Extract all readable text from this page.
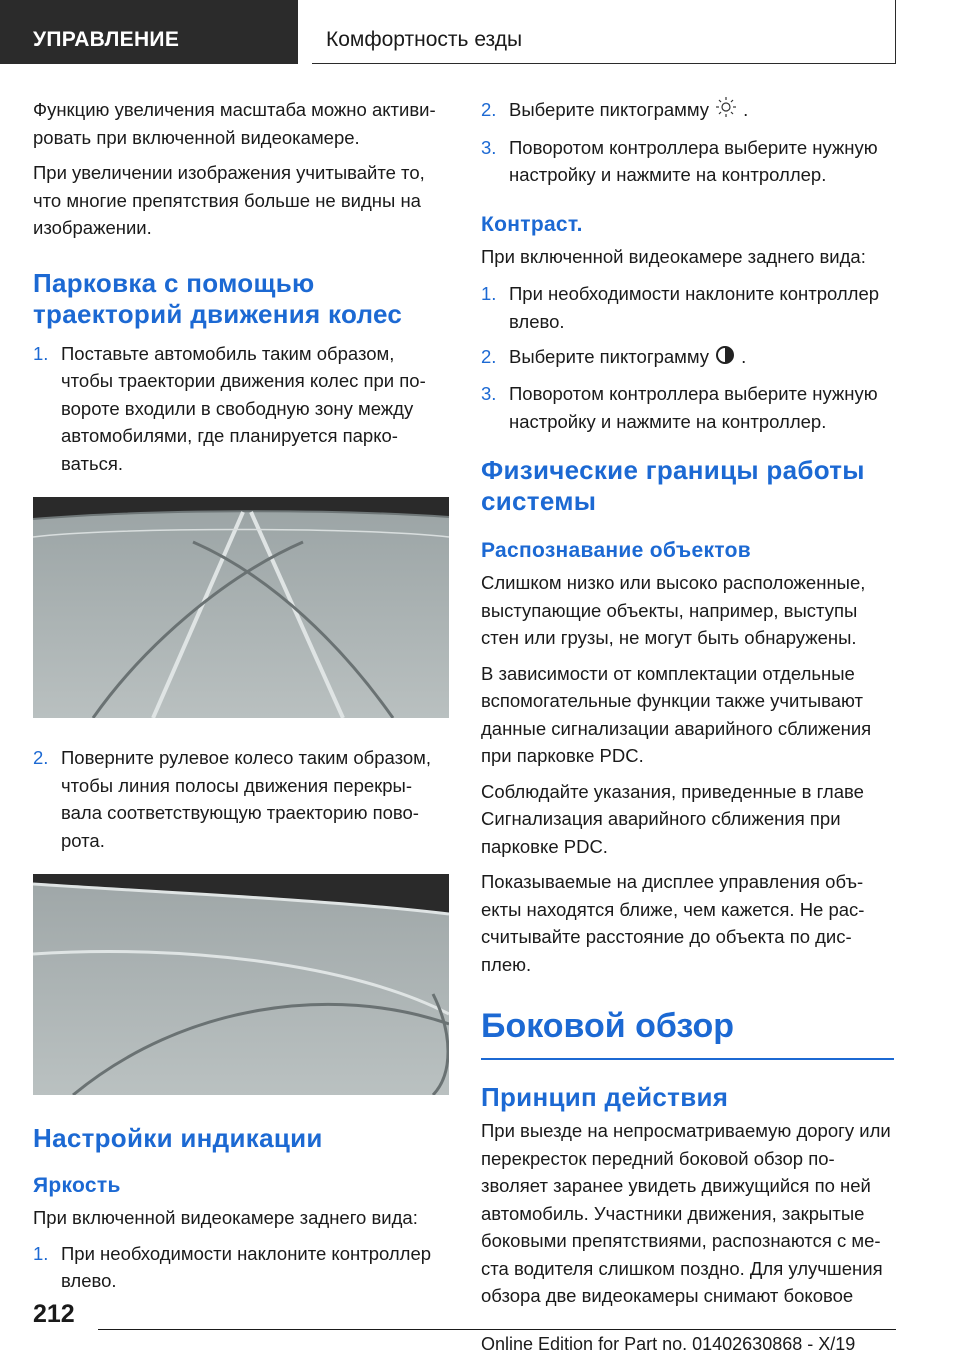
УПРАВЛЕНИЕ	Комфортность езды

Функцию увеличения масштаба можно активи-ровать при включенной видеокамере.

При увеличении изображения учитывайте то, что многие препятствия больше не видны на изображении.

Парковка с помощью траекторий движения колес
1. Поставьте автомобиль таким образом, чтобы траектории движения колес при по-вороте входили в свободную зону между автомобилями, где планируется парко-ваться.
2. Поверните рулевое колесо таким образом, чтобы линия полосы движения перекры-вала соответствующую траекторию пово-рота.
Настройки индикации
Яркость

При включенной видеокамере заднего вида:

1. При необходимости наклоните контроллер влево.
2. Выберите пиктограмму .
3. Поворотом контроллера выберите нужную настройку и нажмите на контроллер.
Контраст.

При включенной видеокамере заднего вида:

1. При необходимости наклоните контроллер влево.
2. Выберите пиктограмму .
3. Поворотом контроллера выберите нужную настройку и нажмите на контроллер.
Физические границы работы системы
Распознавание объектов

Слишком низко или высоко расположенные, выступающие объекты, например, выступы стен или грузы, не могут быть обнаружены.

В зависимости от комплектации отдельные вспомогательные функции также учитывают данные сигнализации аварийного сближения при парковке PDC.

Соблюдайте указания, приведенные в главе Сигнализация аварийного сближения при парковке PDC.

Показываемые на дисплее управления объ-екты находятся ближе, чем кажется. Не рас-считывайте расстояние до объекта по дис-плею.

Боковой обзор
Принцип действия

При выезде на непросматриваемую дорогу или перекресток передний боковой обзор по-зволяет заранее увидеть движущийся по ней автомобиль. Участники движения, закрытые боковыми препятствиями, распознаются с ме-ста водителя слишком поздно. Для улучшения обзора две видеокамеры снимают боковое

212
Online Edition for Part no. 01402630868 - X/19
